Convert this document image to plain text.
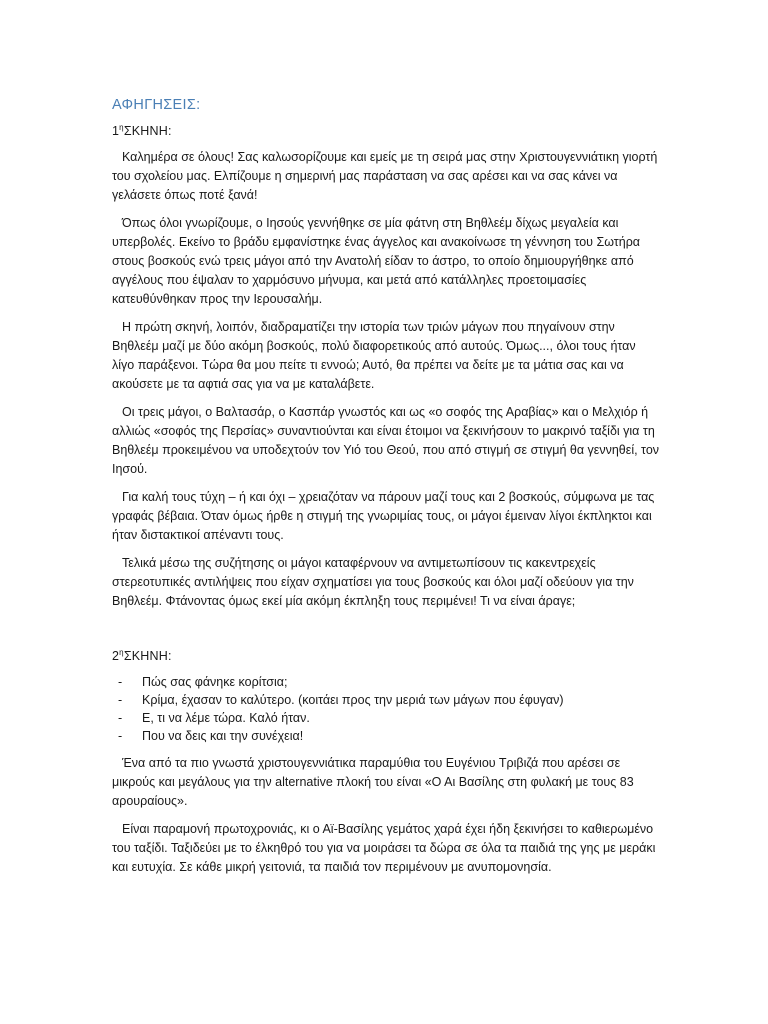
ΑΦΗΓΗΣΕΙΣ:
$1^\eta\Sigma KHNH$:

Καλημέρα σε όλους! Σας καλωσορίζουμε και εμείς με τη σειρά μας στην Χριστουγεννιάτικη γιορτή του σχολείου μας. Ελπίζουμε η σημερινή μας παράσταση να σας αρέσει και να σας κάνει να γελάσετε όπως ποτέ ξανά!

Όπως όλοι γνωρίζουμε, ο Ιησούς γεννήθηκε σε μία φάτνη στη Βηθλεέμ δίχως μεγαλεία και υπερβολές. Εκείνο το βράδυ εμφανίστηκε ένας άγγελος και ανακοίνωσε τη γέννηση του Σωτήρα στους βοσκούς ενώ τρεις μάγοι από την Ανατολή είδαν το άστρο, το οποίο δημιουργήθηκε από αγγέλους που έψαλαν το χαρμόσυνο μήνυμα, και μετά από κατάλληλες προετοιμασίες κατευθύνθηκαν προς την Ιερουσαλήμ.

Η πρώτη σκηνή, λοιπόν, διαδραματίζει την ιστορία των τριών μάγων που πηγαίνουν στην Βηθλεέμ μαζί με δύο ακόμη βοσκούς, πολύ διαφορετικούς από αυτούς. Όμως..., όλοι τους ήταν λίγο παράξενοι. Τώρα θα μου πείτε τι εννοώ; Αυτό, θα πρέπει να δείτε με τα μάτια σας και να ακούσετε με τα αφτιά σας για να με καταλάβετε.

Οι τρεις μάγοι, ο Βαλτασάρ, ο Κασπάρ γνωστός και ως «ο σοφός της Αραβίας» και ο Μελχιόρ ή αλλιώς «σοφός της Περσίας» συναντιούνται και είναι έτοιμοι να ξεκινήσουν το μακρινό ταξίδι για τη Βηθλεέμ προκειμένου να υποδεχτούν τον Υιό του Θεού, που από στιγμή σε στιγμή θα γεννηθεί, τον Ιησού.

Για καλή τους τύχη – ή και όχι – χρειαζόταν να πάρουν μαζί τους και 2 βοσκούς, σύμφωνα με τας γραφάς βέβαια. Όταν όμως ήρθε η στιγμή της γνωριμίας τους, οι μάγοι έμειναν λίγοι έκπληκτοι και ήταν διστακτικοί απέναντι τους.

Τελικά μέσω της συζήτησης οι μάγοι καταφέρνουν να αντιμετωπίσουν τις κακεντρεχείς στερεοτυπικές αντιλήψεις που είχαν σχηματίσει για τους βοσκούς και όλοι μαζί οδεύουν για την Βηθλεέμ. Φτάνοντας όμως εκεί μία ακόμη έκπληξη τους περιμένει! Τι να είναι άραγε;

$2^\eta\Sigma KHNH$:
- Πώς σας φάνηκε κορίτσια;
- Κρίμα, έχασαν το καλύτερο. (κοιτάει προς την μεριά των μάγων που έφυγαν)
- Ε, τι να λέμε τώρα. Καλό ήταν.
- Που να δεις και την συνέχεια!

Ένα από τα πιο γνωστά χριστουγεννιάτικα παραμύθια του Ευγένιου Τριβιζά που αρέσει σε μικρούς και μεγάλους για την alternative πλοκή του είναι «Ο Αι Βασίλης στη φυλακή με τους 83 αρουραίους».

Είναι παραμονή πρωτοχρονιάς, κι ο Αϊ-Βασίλης γεμάτος χαρά έχει ήδη ξεκινήσει το καθιερωμένο του ταξίδι. Ταξιδεύει με το έλκηθρό του για να μοιράσει τα δώρα σε όλα τα παιδιά της γης με μεράκι και ευτυχία. Σε κάθε μικρή γειτονιά, τα παιδιά τον περιμένουν με ανυπομονησία.
